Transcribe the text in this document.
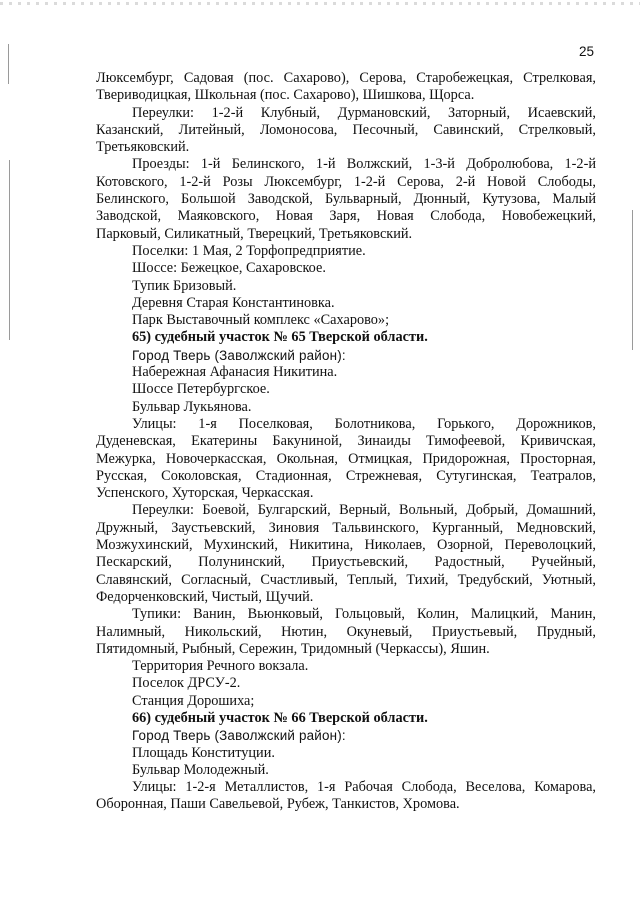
25
Люксембург, Садовая (пос. Сахарово), Серова, Старобежецкая, Стрелковая,
Твериводицкая, Школьная (пос. Сахарово), Шишкова, Щорса.
Переулки: 1-2-й Клубный, Дурмановский, Заторный, Исаевский,
Казанский, Литейный, Ломоносова, Песочный, Савинский, Стрелковый,
Третьяковский.
Проезды: 1-й Белинского, 1-й Волжский, 1-3-й Добролюбова, 1-2-й
Котовского, 1-2-й Розы Люксембург, 1-2-й Серова, 2-й Новой Слободы,
Белинского, Большой Заводской, Бульварный, Дюнный, Кутузова, Малый
Заводской, Маяковского, Новая Заря, Новая Слобода, Новобежецкий,
Парковый, Силикатный, Тверецкий, Третьяковский.
Поселки: 1 Мая, 2 Торфопредприятие.
Шоссе: Бежецкое, Сахаровское.
Тупик Бризовый.
Деревня Старая Константиновка.
Парк Выставочный комплекс «Сахарово»;
65) судебный участок № 65 Тверской области.
Город Тверь (Заволжский район):
Набережная Афанасия Никитина.
Шоссе Петербургское.
Бульвар Лукьянова.
Улицы: 1-я Поселковая, Болотникова, Горького, Дорожников,
Дуденевская, Екатерины Бакуниной, Зинаиды Тимофеевой, Кривичская,
Межурка, Новочеркасская, Окольная, Отмицкая, Придорожная, Просторная,
Русская, Соколовская, Стадионная, Стрежневая, Сутугинская, Театралов,
Успенского, Хуторская, Черкасская.
Переулки: Боевой, Булгарский, Верный, Вольный, Добрый, Домашний,
Дружный, Заустьевский, Зиновия Тальвинского, Курганный, Медновский,
Мозжухинский, Мухинский, Никитина, Николаев, Озорной, Переволоцкий,
Пескарский, Полунинский, Приустьевский, Радостный, Ручейный,
Славянский, Согласный, Счастливый, Теплый, Тихий, Тредубский, Уютный,
Федорченковский, Чистый, Щучий.
Тупики: Ванин, Вьюнковый, Гольцовый, Колин, Малицкий, Манин,
Налимный, Никольский, Нютин, Окуневый, Приустьевый, Прудный,
Пятидомный, Рыбный, Сережин, Тридомный (Черкассы), Яшин.
Территория Речного вокзала.
Поселок ДРСУ-2.
Станция Дорошиха;
66) судебный участок № 66 Тверской области.
Город Тверь (Заволжский район):
Площадь Конституции.
Бульвар Молодежный.
Улицы: 1-2-я Металлистов, 1-я Рабочая Слобода, Веселова, Комарова,
Оборонная, Паши Савельевой, Рубеж, Танкистов, Хромова.
